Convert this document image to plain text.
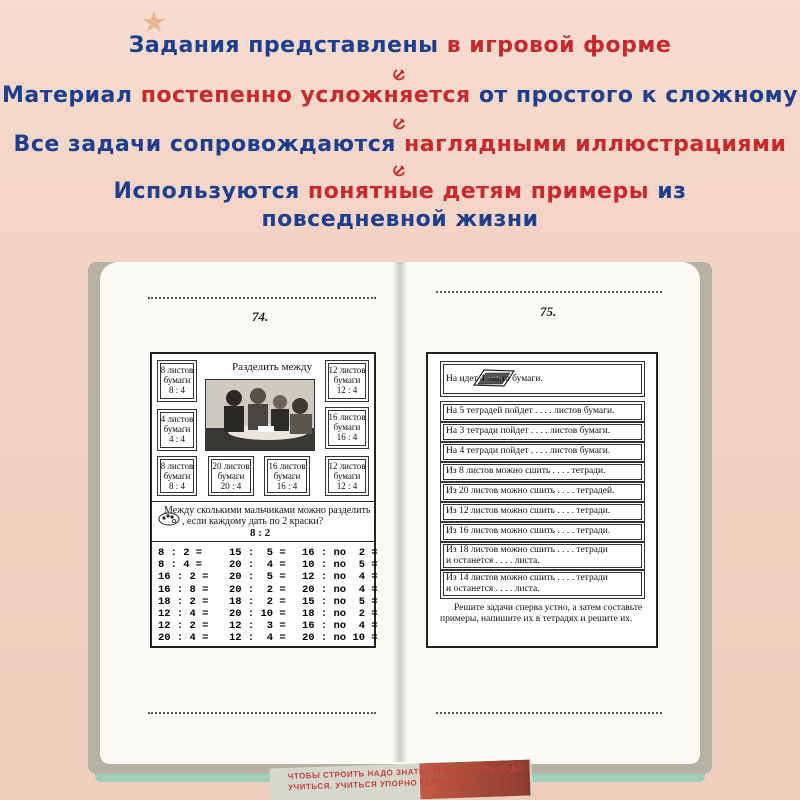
Задания представлены в игровой форме
Материал постепенно усложняется от простого к сложному
Все задачи сопровождаются наглядными иллюстрациями
Используются понятные детям примеры из
повседневной жизни
74.	75.
Разделить между
8 листов
бумаги
8 : 4
12 листов
бумаги
12 : 4
4 листов
бумаги
4 : 4
16 листов
бумаги
16 : 4
8 листов
бумаги
8 : 4
20 листов
бумаги
20 : 4
16 листов
бумаги
16 : 4
12 листов
бумаги
12 : 4
Между сколькими мальчиками можно разделить
, если каждому дать по 2 краски?
8 : 2
8 : 2 =
8 : 4 =
16 : 2 =
16 : 8 =
18 : 2 =
12 : 4 =
12 : 2 =
20 : 4 =
15 :  5 =
20 :  4 =
20 :  5 =
20 :  2 =
18 :  2 =
20 : 10 =
12 :  3 =
12 :  4 =
16 : no  2 =
10 : no  5 =
12 : no  4 =
20 : no  4 =
15 : no  5 =
18 : no  2 =
16 : no  4 =
20 : no 10 =
На идет 4 листа бумаги.
На 5 тетрадей пойдет . . . . листов бумаги.
На 3 тетради пойдет . . . . листов бумаги.
На 4 тетради пойдет . . . . листов бумаги.
Из 8 листов можно сшить . . . . тетради.
Из 20 листов можно сшить . . . . тетрадей.
Из 12 листов можно сшить . . . . тетради.
Из 16 листов можно сшить . . . . тетради.
Из 18 листов можно сшить . . . . тетради
и останется . . . . листа.
Из 14 листов можно сшить . . . . тетради
и останется . . . . листа.
Решите задачи сперва устно, а затем составьте примеры, напишите их в тетрадях и решите их.
ЧТОБЫ СТРОИТЬ НАДО ЗНАТЬ. ЧТОБЫ ЗНАТЬ НАДО УЧИТЬСЯ. УЧИТЬСЯ УПОРНО ТЕРПЕЛИВО
